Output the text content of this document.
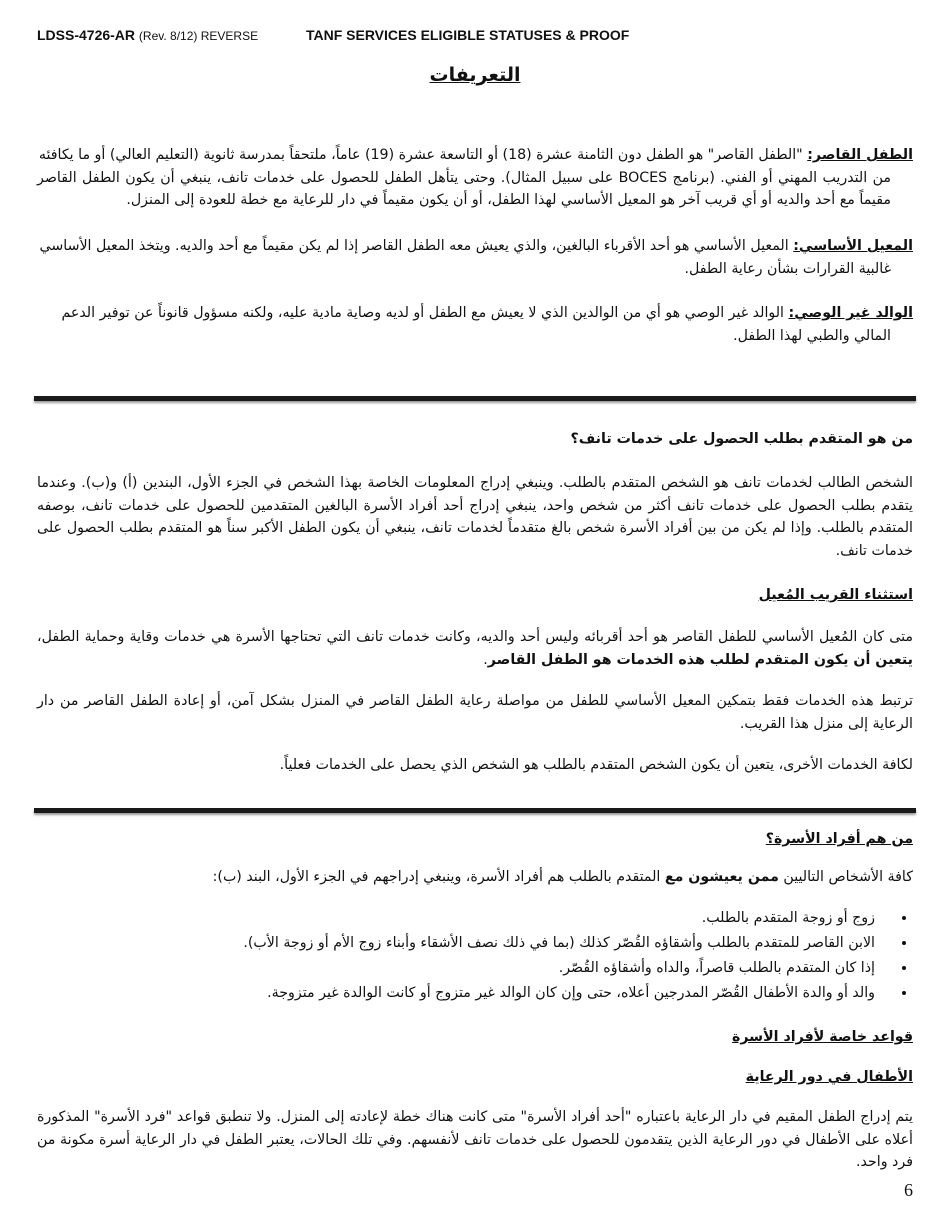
LDSS-4726-AR (Rev. 8/12) REVERSE	TANF SERVICES ELIGIBLE STATUSES & PROOF
التعريفات
الطفل القاصر: "الطفل القاصر" هو الطفل دون الثامنة عشرة (18) أو التاسعة عشرة (19) عاماً، ملتحقاً بمدرسة ثانوية (التعليم العالي) أو ما يكافئه
من التدريب المهني أو الفني. (برنامج BOCES على سبيل المثال). وحتى يتأهل الطفل للحصول على خدمات تانف، ينبغي أن يكون الطفل القاصر مقيماً مع أحد والديه أو أي قريب آخر هو المعيل الأساسي لهذا الطفل، أو أن يكون مقيماً في دار للرعاية مع خطة للعودة إلى المنزل.
المعيل الأساسي: المعيل الأساسي هو أحد الأقرباء البالغين، والذي يعيش معه الطفل القاصر إذا لم يكن مقيماً مع أحد والديه. ويتخذ المعيل الأساسي
غالبية القرارات بشأن رعاية الطفل.
الوالد غير الوصي: الوالد غير الوصي هو أي من الوالدين الذي لا يعيش مع الطفل أو لديه وصاية مادية عليه، ولكنه مسؤول قانوناً عن توفير الدعم
المالي والطبي لهذا الطفل.
من هو المتقدم بطلب الحصول على خدمات تانف؟
الشخص الطالب لخدمات تانف هو الشخص المتقدم بالطلب. وينبغي إدراج المعلومات الخاصة بهذا الشخص في الجزء الأول، البندين (أ) و(ب). وعندما يتقدم بطلب الحصول على خدمات تانف أكثر من شخص واحد، ينبغي إدراج أحد أفراد الأسرة البالغين المتقدمين للحصول على خدمات تانف، بوصفه المتقدم بالطلب. وإذا لم يكن من بين أفراد الأسرة شخص بالغ متقدماً لخدمات تانف، ينبغي أن يكون الطفل الأكبر سناً هو المتقدم بطلب الحصول على خدمات تانف.
استثناء القريب المُعيل
متى كان المُعيل الأساسي للطفل القاصر هو أحد أقربائه وليس أحد والديه، وكانت خدمات تانف التي تحتاجها الأسرة هي خدمات وقاية وحماية الطفل، يتعين أن يكون المتقدم لطلب هذه الخدمات هو الطفل القاصر.
ترتبط هذه الخدمات فقط بتمكين المعيل الأساسي للطفل من مواصلة رعاية الطفل القاصر في المنزل بشكل آمن، أو إعادة الطفل القاصر من دار الرعاية إلى منزل هذا القريب.
لكافة الخدمات الأخرى، يتعين أن يكون الشخص المتقدم بالطلب هو الشخص الذي يحصل على الخدمات فعلياً.
من هم أفراد الأسرة؟
كافة الأشخاص التاليين ممن يعيشون مع المتقدم بالطلب هم أفراد الأسرة، وينبغي إدراجهم في الجزء الأول، البند (ب):
• زوج أو زوجة المتقدم بالطلب.
• الابن القاصر للمتقدم بالطلب وأشقاؤه القُصّر كذلك (بما في ذلك نصف الأشقاء وأبناء زوج الأم أو زوجة الأب).
• إذا كان المتقدم بالطلب قاصراً، والداه وأشقاؤه القُصّر.
• والد أو والدة الأطفال القُصّر المدرجين أعلاه، حتى وإن كان الوالد غير متزوج أو كانت الوالدة غير متزوجة.
قواعد خاصة لأفراد الأسرة
الأطفال في دور الرعاية
يتم إدراج الطفل المقيم في دار الرعاية باعتباره "أحد أفراد الأسرة" متى كانت هناك خطة لإعادته إلى المنزل. ولا تنطبق قواعد "فرد الأسرة" المذكورة أعلاه على الأطفال في دور الرعاية الذين يتقدمون للحصول على خدمات تانف لأنفسهم. وفي تلك الحالات، يعتبر الطفل في دار الرعاية أسرة مكونة من فرد واحد.
6
